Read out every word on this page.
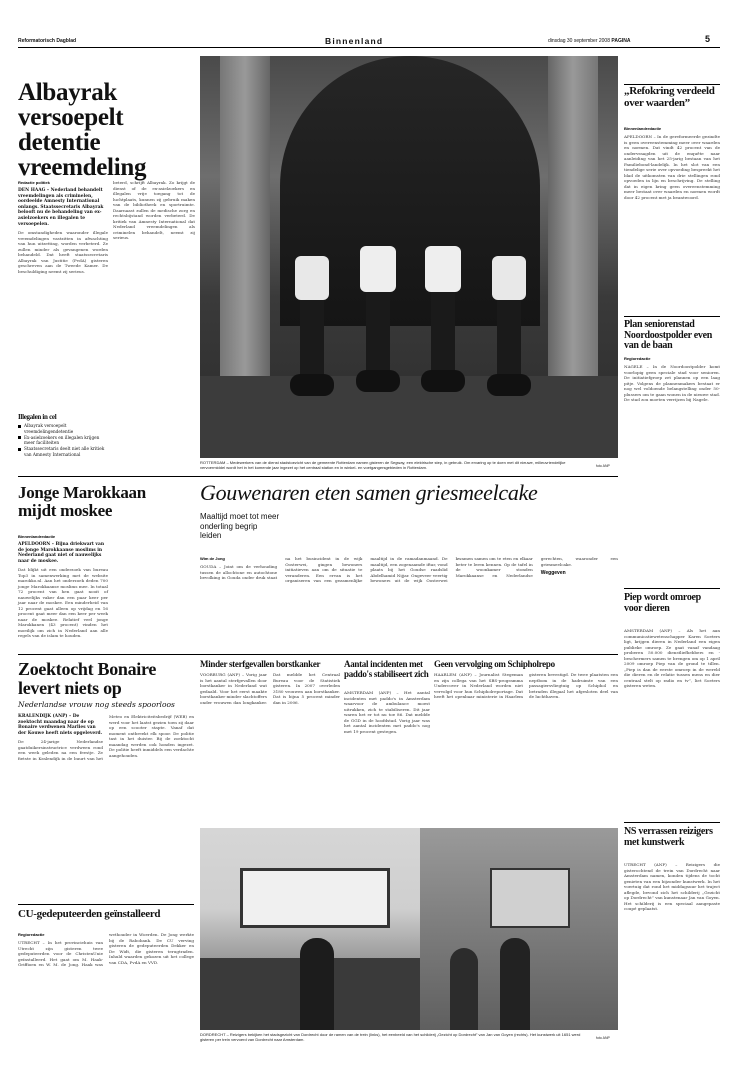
Reformatorisch Dagblad	Binnenland	dinsdag 30 september 2008 PAGINA	5
Albayrak versoepelt detentie vreemdeling
Redactie politiek
DEN HAAG – Nederland behandelt vreemdelingen als criminelen, oordeelde Amnesty International onlangs. Staatssecretaris Albayrak belooft nu de behandeling van ex-asielzoekers en illegalen te versoepelen.
De omstandigheden waaronder illegale vreemdelingen vastzitten in afwachting van hun uitzetting, worden verbeterd. Ze zullen minder als gevangenen worden behandeld. Dat heeft staatssecretaris Albayrak van Justitie (PvdA) gisteren geschreven aan de Tweede Kamer. De beschuldiging neemt zij serieus.
beterd, schrijft Albayrak. Zo krijgt de dienst of de ex-asielzoekers en illegalen vrije toegang tot de luchtplaats, kunnen zij gebruik maken van de bibliotheek en sportruimte. Daarnaast zullen de medische zorg en rechtsbijstand worden verbeterd. De kritiek van Amnesty International dat Nederland vreemdelingen als criminelen behandelt, neemt zij serieus.
Illegalen in cel
Albayrak versoepelt vreemdelingendetentie
Ex-asielzoekers en illegalen krijgen meer faciliteiten
Staatssecretaris deelt niet alle kritiek van Amnesty International
ROTTERDAM – Medewerkers van de dienst stadstoezicht van de gemeente Rotterdam namen gisteren de Segway, een elektrische step, in gebruik. Om ervaring op te doen met dit nieuwe, milieuvriendelijke vervoermiddel wordt het in het komende jaar ingezet op het centraal station en in winkel- en voetgangersgebieden in Rotterdam.	foto ANP
„Refokring verdeeld over waarden”
Binnenlandredactie
APELDOORN – In de gereformeerde gezindte is geen overeenstemming meer over waarden en normen. Dat vindt 42 procent van de ondervraagden uit de enquête naar aanleiding van het 25-jarig bestaan van het Familiebond-landelijk. In het slot van een tiendelige serie over opvoeding bespreekt het blad de uitkomsten van drie stellingen rond opvoeden in lijn en beschrijving. De stelling dat in eigen kring geen overeenstemming meer bestaat over waarden en normen wordt door 42 procent met ja beantwoord.
Plan seniorenstad Noordoostpolder even van de baan
Regioredactie
NAGELE – In de Noordoostpolder komt voorlopig geen speciale stad voor senioren. De initiatiefgroep zet plannen op een laag pitje. Volgens de plannenmakers bestaat er nog wel voldoende belangstelling onder 50-plussers om te gaan wonen in de nieuwe stad. De stad zou moeten verrijzen bij Nagele.
Jonge Marokkaan mijdt moskee
Binnenlandredactie
APELDOORN – Bijna driekwart van de jonge Marokkaanse moslims in Nederland gaat niet of nauwelijks naar de moskee.
Dat blijkt uit een onderzoek van bureau Top3 in samenwerking met de website marokko.nl. Aan het onderzoek deden 700 jonge Marokkaanse moslims mee. In totaal 72 procent van hen gaat nooit of nauwelijks vaker dan een paar keer per jaar naar de moskee. Een minderheid van 12 procent gaat alleen op vrijdag en 16 procent gaat meer dan een keer per week naar de moskee. Relatief veel jonge Marokkanen (43 procent) vinden het moeilijk om zich in Nederland aan alle regels van de islam te houden.
Gouwenaren eten samen griesmeelcake
Maaltijd moet tot meer onderling begrip leiden
Wim de Jong
GOUDA – Joint om de verhouding tussen de allochtone en autochtone bevolking in Gouda onder druk staat na het busincident in de wijk Oosterwei, gingen bewoners initiatieven aan om de situatie te veranderen. Een ervan is het organiseren van een gezamenlijke maaltijd in de ramadanmaand. De maaltijd, een zogenaamde iftar, vond plaats bij het Goudse raadslid Abdelhamid Nijjar. Ongeveer veertig bewoners uit de wijk Oosterwei kwamen samen om te eten en elkaar beter te leren kennen. Op de tafel in de woonkamer stonden Marokkaanse en Nederlandse gerechten, waaronder een griesmeelcake.
Weggeven
Piep wordt omroep voor dieren
AMSTERDAM (ANP) – Als het aan communicatiewetenschapper Karen Soeters ligt, krijgen dieren in Nederland een eigen publieke omroep. Ze gaat vanaf vandaag proberen 50.000 dienstliefhebbers en -beschermers samen te brengen om op 1 april 2009 omroep Piep van de grond te tillen. „Piep is dan de eerste omroep in de wereld die dieren en de relatie tussen mens en dier centraal stelt op radio en tv”, liet Soeters gisteren weten.
Zoektocht Bonaire levert niets op
Nederlandse vrouw nog steeds spoorloos
KRALENDIJK (ANP) – De zoektocht maandag naar de op Bonaire verdwenen Marlies van der Kouwe heeft niets opgeleverd.
De 24-jarige Nederlandse gaatduikersinstructrice verdween rond een week geleden na een feestje. Ze fietste in Kralendijk in de buurt van het Meteo en Elektriciteitsbedrijf (WEB) en werd voor het laatst gezien toen zij daar op een scooter stapte. Vanaf dat moment ontbreekt elk spoor. De politie tast in het duister. Bij de zoektocht maandag werden ook honden ingezet. De politie heeft inmiddels een verdachte aangehouden.
Minder sterfgevallen borstkanker
VOORBURG (ANP) – Vorig jaar is het aantal sterfgevallen door borstkanker in Nederland wat gedaald. Voor het eerst maakte borstkanker minder slachtoffers onder vrouwen dan longkanker. Dat meldde het Centraal Bureau voor de Statistiek gisteren. In 2007 overleden 3180 vrouwen aan borstkanker. Dat is bijna 5 procent minder dan in 2006.
Aantal incidenten met paddo's stabiliseert zich
AMSTERDAM (ANP) – Het aantal incidenten met paddo's in Amsterdam waarvoor de ambulance moest uitrukken, zich te stabiliseren. Dit jaar waren het er tot nu toe 86. Dat meldde de GGD in de hoofdstad. Vorig jaar was het aantal incidenten met paddo's nog met 19 procent gestegen.
Geen vervolging om Schipholrepo
HAARLEM (ANP) – Journalist Stegeman en zijn collega van het SBS-programma Undercover in Nederland worden niet vervolgd voor hun Schipholreportage. Dat heeft het openbaar ministerie in Haarlem gisteren bevestigd. De twee plaatsten een neptbom in de hadruimte van een passagiersvliegtuig op Schiphol en betraden illegaal het afgesloten deel van de luchthaven.
NS verrassen reizigers met kunstwerk
UTRECHT (ANP) – Reizigers die gisterochtend de trein van Dordrecht naar Amsterdam namen, konden tijdens de tocht genieten van een bijzonder kunstwerk. In het voertuig dat rond het middagsuur het traject aflegde, bevond zich het schilderij „Gezicht op Dordrecht” van kunstenaar Jan van Goyen. Het schilderij is een speciaal aangepaste coupé geplaatst.
DORDRECHT – Reizigers bekijken het stadsgezicht van Dordrecht door de ramen van de trein (links), het eenbeeld van het schilderij „Gezicht op Dordrecht” van Jan van Goyen (rechts). Het kunstwerk uit 1651 werd gisteren per trein vervoerd van Dordrecht naar Amsterdam.	foto ANP
CU-gedeputeerden geïnstalleerd
Regioredactie
UTRECHT – In het provinciehuis van Utrecht zijn gisteren twee gedeputeerden voor de ChristenUnie geïnstalleerd. Het gaat om M. Haak-Griffioen en W. M. de Jong. Haak was wethouder in Woerden. De Jong werkte bij de Rabobank. De CU verving gisteren de gedeputeerden Dekker en De Widt, die gisteren terugtraden. Inhuld waarden gekozen uit het college van CDA, PvdA en VVD.
